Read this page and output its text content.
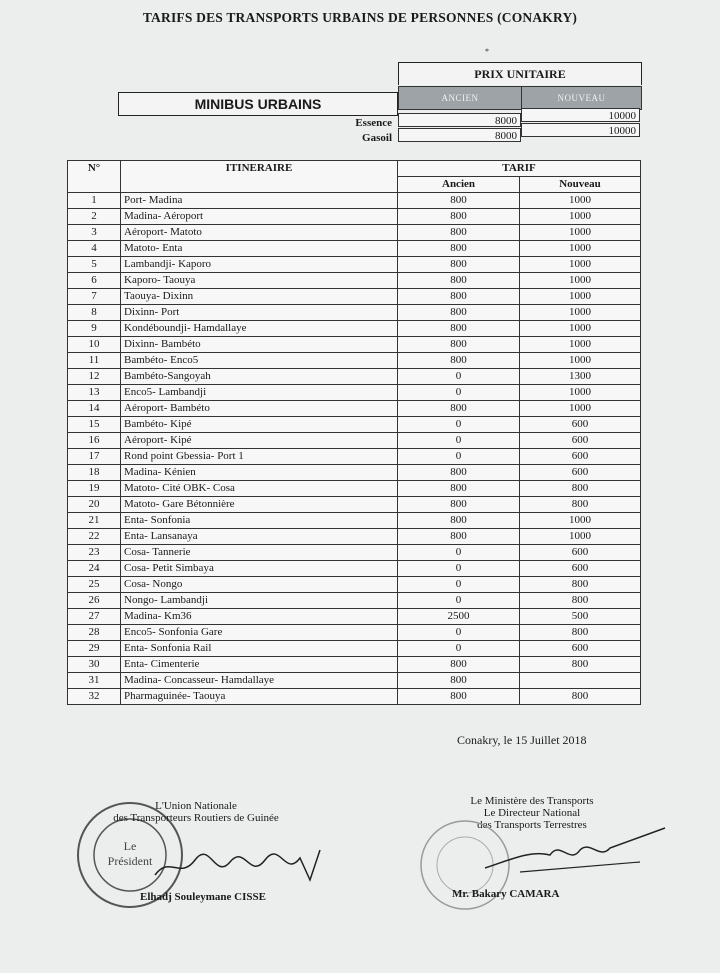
TARIFS DES TRANSPORTS URBAINS DE PERSONNES (CONAKRY)
*
PRIX UNITAIRE
ANCIEN	NOUVEAU
MINIBUS URBAINS
Essence	8000	10000
Gasoil	8000	10000
N°	ITINERAIRE	TARIF	
		Ancien	Nouveau
1	Port- Madina	800	1000
2	Madina- Aéroport	800	1000
3	Aéroport- Matoto	800	1000
4	Matoto- Enta	800	1000
5	Lambandji- Kaporo	800	1000
6	Kaporo- Taouya	800	1000
7	Taouya- Dixinn	800	1000
8	Dixinn- Port	800	1000
9	Kondéboundji- Hamdallaye	800	1000
10	Dixinn- Bambéto	800	1000
11	Bambéto- Enco5	800	1000
12	Bambéto-Sangoyah	0	1300
13	Enco5- Lambandji	0	1000
14	Aéroport- Bambéto	800	1000
15	Bambéto- Kipé	0	600
16	Aéroport- Kipé	0	600
17	Rond point Gbessia- Port 1	0	600
18	Madina- Kénien	800	600
19	Matoto- Cité OBK- Cosa	800	800
20	Matoto- Gare Bétonnière	800	800
21	Enta- Sonfonia	800	1000
22	Enta- Lansanaya	800	1000
23	Cosa- Tannerie	0	600
24	Cosa- Petit Simbaya	0	600
25	Cosa- Nongo	0	800
26	Nongo- Lambandji	0	800
27	Madina- Km36	2500	500
28	Enco5- Sonfonia Gare	0	800
29	Enta- Sonfonia Rail	0	600
30	Enta- Cimenterie	800	800
31	Madina- Concasseur- Hamdallaye	800	
32	Pharmaguinée- Taouya	800	800
Conakry, le 15 Juillet 2018
Le
Président
L'Union Nationale
des Transporteurs Routiers de Guinée
Elhadj Souleymane CISSE
Le Ministère des Transports
Le Directeur National
des Transports Terrestres
Mr. Bakary CAMARA
